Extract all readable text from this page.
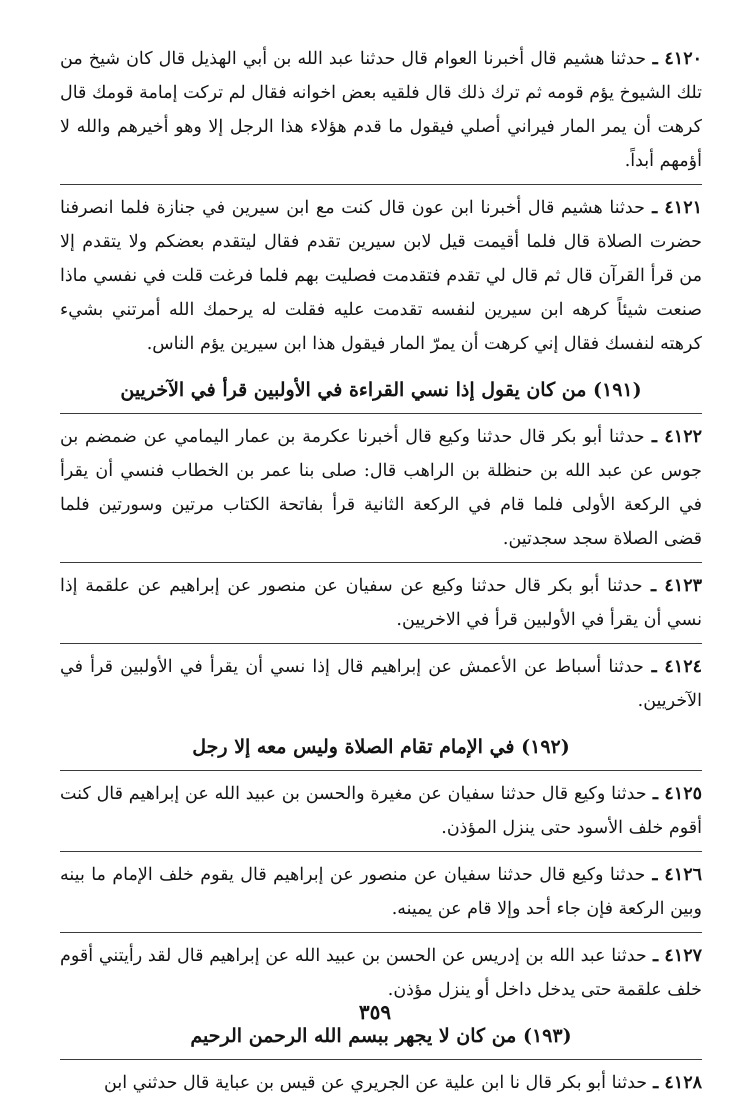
٤١٢٠ ـ حدثنا هشيم قال أخبرنا العوام قال حدثنا عبد الله بن أبي الهذيل قال كان شيخ من تلك الشيوخ يؤم قومه ثم ترك ذلك قال فلقيه بعض اخوانه فقال لم تركت إمامة قومك قال كرهت أن يمر المار فيراني أصلي فيقول ما قدم هؤلاء هذا الرجل إلا وهو أخيرهم والله لا أؤمهم أبداً.

٤١٢١ ـ حدثنا هشيم قال أخبرنا ابن عون قال كنت مع ابن سيرين في جنازة فلما انصرفنا حضرت الصلاة قال فلما أقيمت قيل لابن سيرين تقدم فقال ليتقدم بعضكم ولا يتقدم إلا من قرأ القرآن قال ثم قال لي تقدم فتقدمت فصليت بهم فلما فرغت قلت في نفسي ماذا صنعت شيئاً كرهه ابن سيرين لنفسه تقدمت عليه فقلت له يرحمك الله أمرتني بشيء كرهته لنفسك فقال إني كرهت أن يمرّ المار فيقول هذا ابن سيرين يؤم الناس.

(١٩١) من كان يقول إذا نسي القراءة في الأولبين قرأ في الآخريين

٤١٢٢ ـ حدثنا أبو بكر قال حدثنا وكيع قال أخبرنا عكرمة بن عمار اليمامي عن ضمضم بن جوس عن عبد الله بن حنظلة بن الراهب قال: صلى بنا عمر بن الخطاب فنسي أن يقرأ في الركعة الأولى فلما قام في الركعة الثانية قرأ بفاتحة الكتاب مرتين وسورتين فلما قضى الصلاة سجد سجدتين.

٤١٢٣ ـ حدثنا أبو بكر قال حدثنا وكيع عن سفيان عن منصور عن إبراهيم عن علقمة إذا نسي أن يقرأ في الأولبين قرأ في الاخريين.

٤١٢٤ ـ حدثنا أسباط عن الأعمش عن إبراهيم قال إذا نسي أن يقرأ في الأولبين قرأ في الآخريين.

(١٩٢) في الإمام تقام الصلاة وليس معه إلا رجل

٤١٢٥ ـ حدثنا وكيع قال حدثنا سفيان عن مغيرة والحسن بن عبيد الله عن إبراهيم قال كنت أقوم خلف الأسود حتى ينزل المؤذن.

٤١٢٦ ـ حدثنا وكيع قال حدثنا سفيان عن منصور عن إبراهيم قال يقوم خلف الإمام ما بينه وبين الركعة فإن جاء أحد وإلا قام عن يمينه.

٤١٢٧ ـ حدثنا عبد الله بن إدريس عن الحسن بن عبيد الله عن إبراهيم قال لقد رأيتني أقوم خلف علقمة حتى يدخل داخل أو ينزل مؤذن.

(١٩٣) من كان لا يجهر ببسم الله الرحمن الرحيم

٤١٢٨ ـ حدثنا أبو بكر قال نا ابن علية عن الجريري عن قيس بن عباية قال حدثني ابن

٣٥٩
